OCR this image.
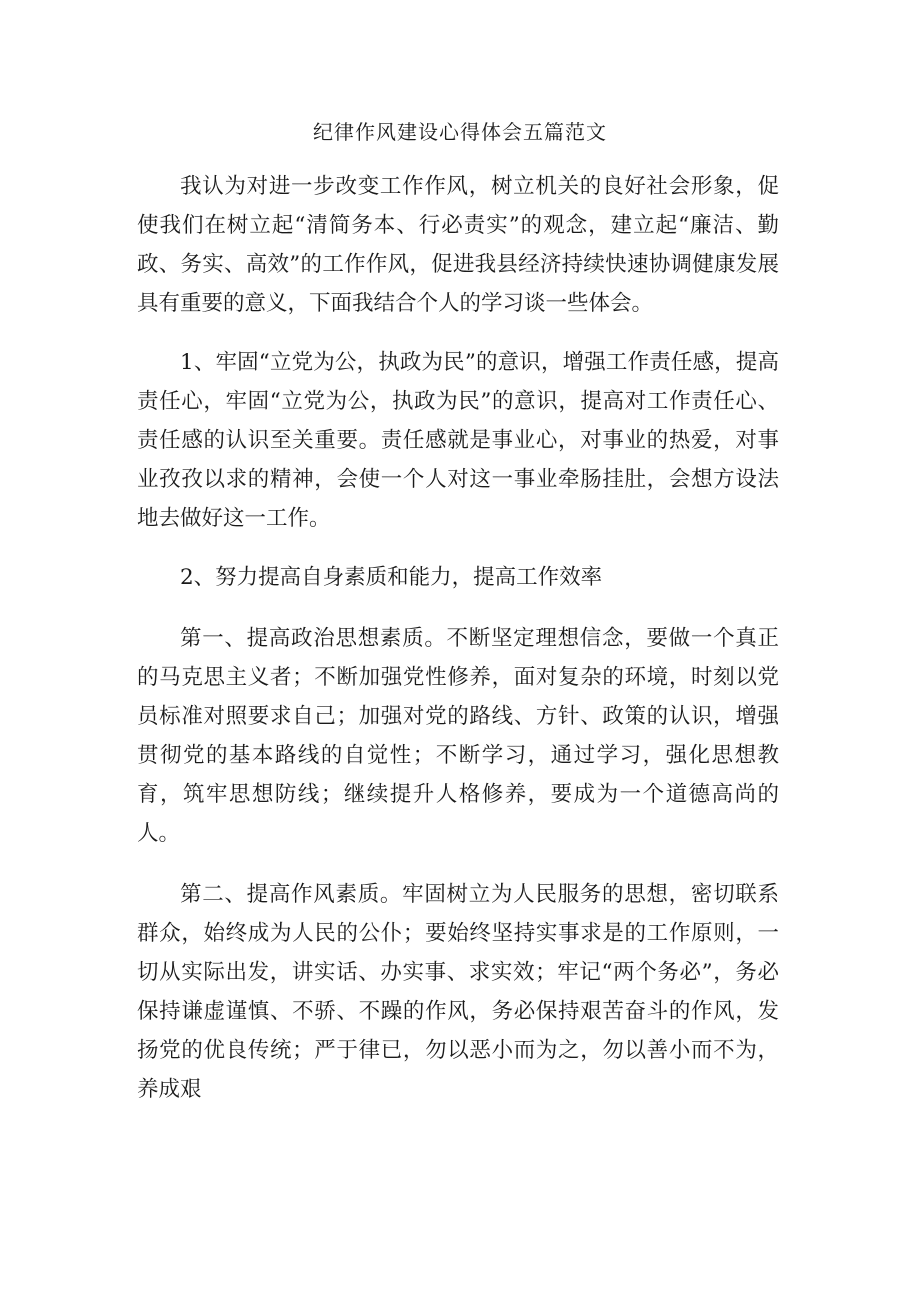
纪律作风建设心得体会五篇范文

我认为对进一步改变工作作风，树立机关的良好社会形象，促使我们在树立起“清简务本、行必责实”的观念，建立起“廉洁、勤政、务实、高效”的工作作风，促进我县经济持续快速协调健康发展具有重要的意义，下面我结合个人的学习谈一些体会。

1、牢固“立党为公，执政为民”的意识，增强工作责任感，提高责任心，牢固“立党为公，执政为民”的意识，提高对工作责任心、责任感的认识至关重要。责任感就是事业心，对事业的热爱，对事业孜孜以求的精神，会使一个人对这一事业牵肠挂肚，会想方设法地去做好这一工作。

2、努力提高自身素质和能力，提高工作效率

第一、提高政治思想素质。不断坚定理想信念，要做一个真正的马克思主义者；不断加强党性修养，面对复杂的环境，时刻以党员标准对照要求自己；加强对党的路线、方针、政策的认识，增强贯彻党的基本路线的自觉性；不断学习，通过学习，强化思想教育，筑牢思想防线；继续提升人格修养，要成为一个道德高尚的人。

第二、提高作风素质。牢固树立为人民服务的思想，密切联系群众，始终成为人民的公仆；要始终坚持实事求是的工作原则，一切从实际出发，讲实话、办实事、求实效；牢记“两个务必”，务必保持谦虚谨慎、不骄、不躁的作风，务必保持艰苦奋斗的作风，发扬党的优良传统；严于律已，勿以恶小而为之，勿以善小而不为，养成艰
